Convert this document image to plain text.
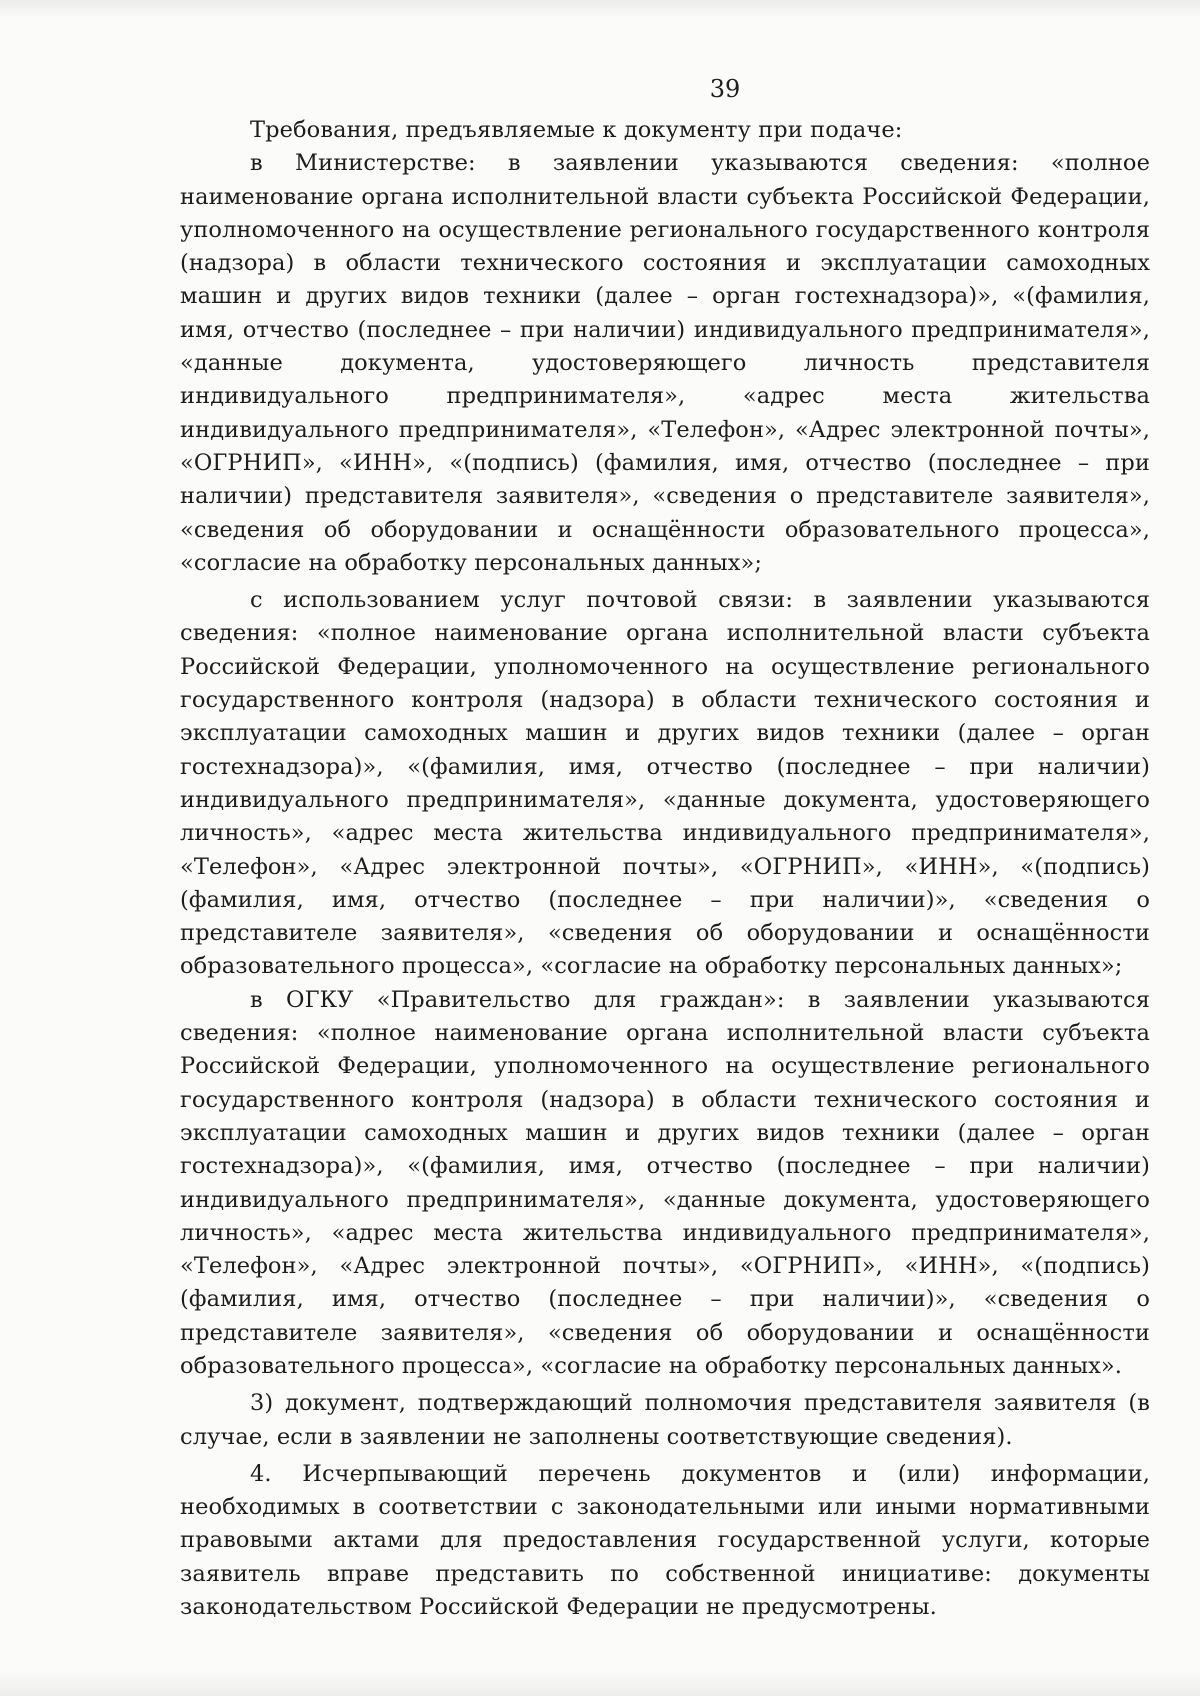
39

Требования, предъявляемые к документу при подаче:

в Министерстве: в заявлении указываются сведения: «полное наименование органа исполнительной власти субъекта Российской Федерации, уполномоченного на осуществление регионального государственного контроля (надзора) в области технического состояния и эксплуатации самоходных машин и других видов техники (далее – орган гостехнадзора)», «(фамилия, имя, отчество (последнее – при наличии) индивидуального предпринимателя», «данные документа, удостоверяющего личность представителя индивидуального предпринимателя», «адрес места жительства индивидуального предпринимателя», «Телефон», «Адрес электронной почты», «ОГРНИП», «ИНН», «(подпись) (фамилия, имя, отчество (последнее – при наличии) представителя заявителя», «сведения о представителе заявителя», «сведения об оборудовании и оснащённости образовательного процесса», «согласие на обработку персональных данных»;

с использованием услуг почтовой связи: в заявлении указываются сведения: «полное наименование органа исполнительной власти субъекта Российской Федерации, уполномоченного на осуществление регионального государственного контроля (надзора) в области технического состояния и эксплуатации самоходных машин и других видов техники (далее – орган гостехнадзора)», «(фамилия, имя, отчество (последнее – при наличии) индивидуального предпринимателя», «данные документа, удостоверяющего личность», «адрес места жительства индивидуального предпринимателя», «Телефон», «Адрес электронной почты», «ОГРНИП», «ИНН», «(подпись) (фамилия, имя, отчество (последнее – при наличии)», «сведения о представителе заявителя», «сведения об оборудовании и оснащённости образовательного процесса», «согласие на обработку персональных данных»;

в ОГКУ «Правительство для граждан»: в заявлении указываются сведения: «полное наименование органа исполнительной власти субъекта Российской Федерации, уполномоченного на осуществление регионального государственного контроля (надзора) в области технического состояния и эксплуатации самоходных машин и других видов техники (далее – орган гостехнадзора)», «(фамилия, имя, отчество (последнее – при наличии) индивидуального предпринимателя», «данные документа, удостоверяющего личность», «адрес места жительства индивидуального предпринимателя», «Телефон», «Адрес электронной почты», «ОГРНИП», «ИНН», «(подпись) (фамилия, имя, отчество (последнее – при наличии)», «сведения о представителе заявителя», «сведения об оборудовании и оснащённости образовательного процесса», «согласие на обработку персональных данных».

3) документ, подтверждающий полномочия представителя заявителя (в случае, если в заявлении не заполнены соответствующие сведения).

4. Исчерпывающий перечень документов и (или) информации, необходимых в соответствии с законодательными или иными нормативными правовыми актами для предоставления государственной услуги, которые заявитель вправе представить по собственной инициативе: документы законодательством Российской Федерации не предусмотрены.
